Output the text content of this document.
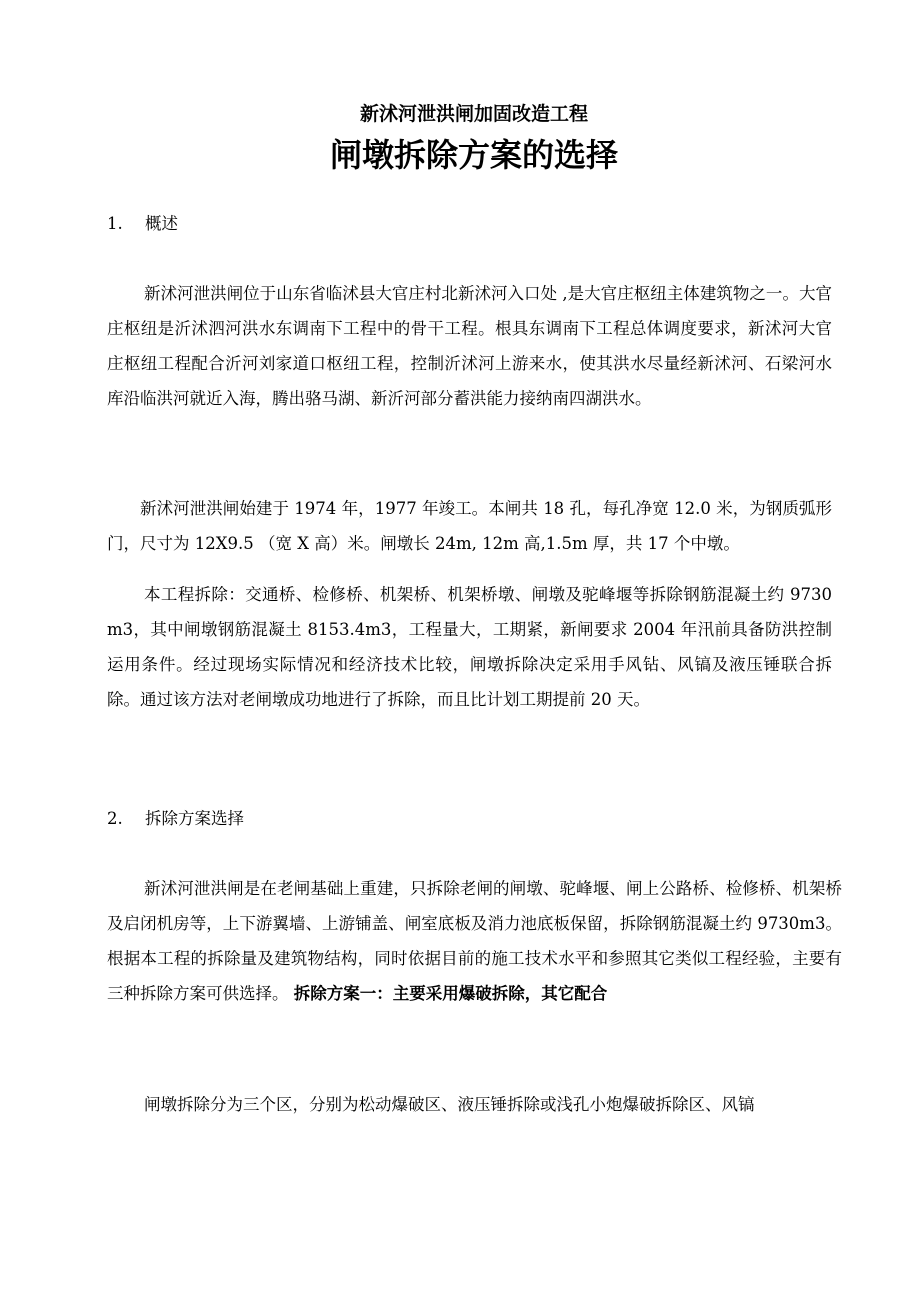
新沭河泄洪闸加固改造工程
闸墩拆除方案的选择
1. 概述
新沭河泄洪闸位于山东省临沭县大官庄村北新沭河入口处 ,是大官庄枢纽主体建筑物之一。大官庄枢纽是沂沭泗河洪水东调南下工程中的骨干工程。根具东调南下工程总体调度要求，新沭河大官庄枢纽工程配合沂河刘家道口枢纽工程，控制沂沭河上游来水，使其洪水尽量经新沭河、石梁河水库沿临洪河就近入海，腾出骆马湖、新沂河部分蓄洪能力接纳南四湖洪水。
新沭河泄洪闸始建于 1974 年，1977 年竣工。本闸共 18 孔，每孔净宽 12.0 米，为钢质弧形门，尺寸为 12X9.5 （宽 X 高）米。闸墩长 24m, 12m 高,1.5m 厚，共 17 个中墩。
本工程拆除：交通桥、检修桥、机架桥、机架桥墩、闸墩及驼峰堰等拆除钢筋混凝土约 9730m3，其中闸墩钢筋混凝土 8153.4m3，工程量大，工期紧，新闸要求 2004 年汛前具备防洪控制运用条件。经过现场实际情况和经济技术比较，闸墩拆除决定采用手风钻、风镐及液压锤联合拆除。通过该方法对老闸墩成功地进行了拆除，而且比计划工期提前 20 天。
2. 拆除方案选择
新沭河泄洪闸是在老闸基础上重建，只拆除老闸的闸墩、驼峰堰、闸上公路桥、检修桥、机架桥及启闭机房等，上下游翼墙、上游铺盖、闸室底板及消力池底板保留，拆除钢筋混凝土约 9730m3。根据本工程的拆除量及建筑物结构，同时依据目前的施工技术水平和参照其它类似工程经验，主要有三种拆除方案可供选择。 拆除方案一：主要采用爆破拆除，其它配合
闸墩拆除分为三个区，分别为松动爆破区、液压锤拆除或浅孔小炮爆破拆除区、风镐
